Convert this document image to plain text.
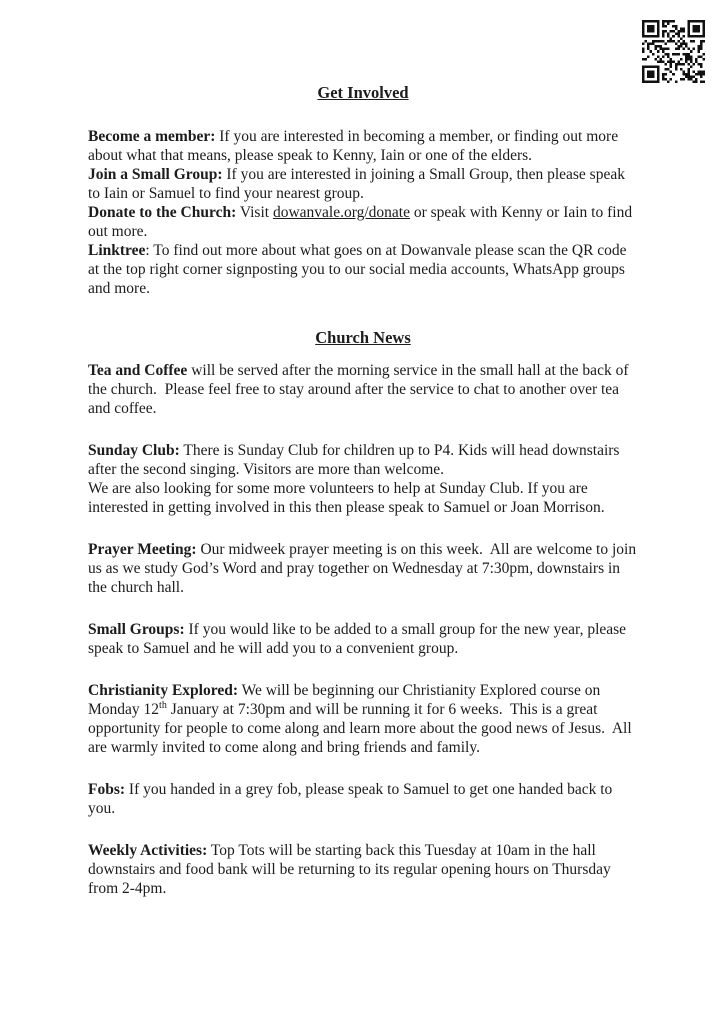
Get Involved

Become a member: If you are interested in becoming a member, or finding out more about what that means, please speak to Kenny, Iain or one of the elders.

Join a Small Group: If you are interested in joining a Small Group, then please speak to Iain or Samuel to find your nearest group.

Donate to the Church: Visit dowanvale.org/donate or speak with Kenny or Iain to find out more.

Linktree: To find out more about what goes on at Dowanvale please scan the QR code at the top right corner signposting you to our social media accounts, WhatsApp groups and more.

Church News

Tea and Coffee will be served after the morning service in the small hall at the back of the church.  Please feel free to stay around after the service to chat to another over tea and coffee.

Sunday Club: There is Sunday Club for children up to P4. Kids will head downstairs after the second singing. Visitors are more than welcome.
We are also looking for some more volunteers to help at Sunday Club. If you are interested in getting involved in this then please speak to Samuel or Joan Morrison.

Prayer Meeting: Our midweek prayer meeting is on this week.  All are welcome to join us as we study God’s Word and pray together on Wednesday at 7:30pm, downstairs in the church hall.

Small Groups: If you would like to be added to a small group for the new year, please speak to Samuel and he will add you to a convenient group.

Christianity Explored: We will be beginning our Christianity Explored course on Monday 12th January at 7:30pm and will be running it for 6 weeks.  This is a great opportunity for people to come along and learn more about the good news of Jesus.  All are warmly invited to come along and bring friends and family.

Fobs: If you handed in a grey fob, please speak to Samuel to get one handed back to you.

Weekly Activities: Top Tots will be starting back this Tuesday at 10am in the hall downstairs and food bank will be returning to its regular opening hours on Thursday from 2-4pm.
